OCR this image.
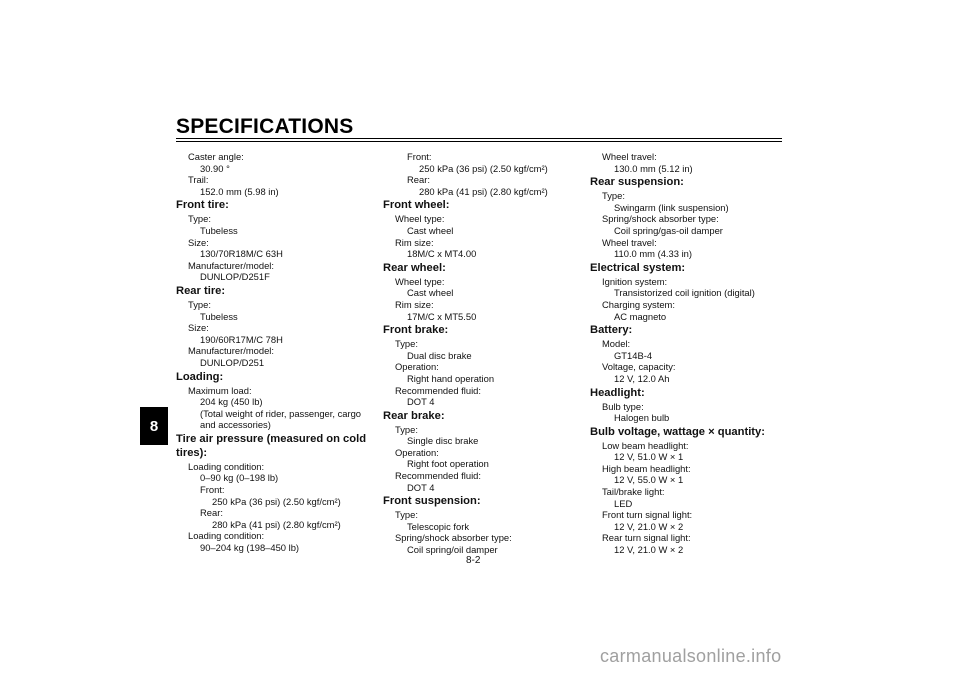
SPECIFICATIONS
8
Caster angle:
30.90 °
Trail:
152.0 mm (5.98 in)
Front tire:
Type:
Tubeless
Size:
130/70R18M/C 63H
Manufacturer/model:
DUNLOP/D251F
Rear tire:
Type:
Tubeless
Size:
190/60R17M/C 78H
Manufacturer/model:
DUNLOP/D251
Loading:
Maximum load:
204 kg (450 lb)
(Total weight of rider, passenger, cargo and accessories)
Tire air pressure (measured on cold tires):
Loading condition:
0–90 kg (0–198 lb)
Front:
250 kPa (36 psi) (2.50 kgf/cm²)
Rear:
280 kPa (41 psi) (2.80 kgf/cm²)
Loading condition:
90–204 kg (198–450 lb)
Front:
250 kPa (36 psi) (2.50 kgf/cm²)
Rear:
280 kPa (41 psi) (2.80 kgf/cm²)
Front wheel:
Wheel type:
Cast wheel
Rim size:
18M/C x MT4.00
Rear wheel:
Wheel type:
Cast wheel
Rim size:
17M/C x MT5.50
Front brake:
Type:
Dual disc brake
Operation:
Right hand operation
Recommended fluid:
DOT 4
Rear brake:
Type:
Single disc brake
Operation:
Right foot operation
Recommended fluid:
DOT 4
Front suspension:
Type:
Telescopic fork
Spring/shock absorber type:
Coil spring/oil damper
Wheel travel:
130.0 mm (5.12 in)
Rear suspension:
Type:
Swingarm (link suspension)
Spring/shock absorber type:
Coil spring/gas-oil damper
Wheel travel:
110.0 mm (4.33 in)
Electrical system:
Ignition system:
Transistorized coil ignition (digital)
Charging system:
AC magneto
Battery:
Model:
GT14B-4
Voltage, capacity:
12 V, 12.0 Ah
Headlight:
Bulb type:
Halogen bulb
Bulb voltage, wattage × quantity:
Low beam headlight:
12 V, 51.0 W × 1
High beam headlight:
12 V, 55.0 W × 1
Tail/brake light:
LED
Front turn signal light:
12 V, 21.0 W × 2
Rear turn signal light:
12 V, 21.0 W × 2
8-2
carmanualsonline.info
